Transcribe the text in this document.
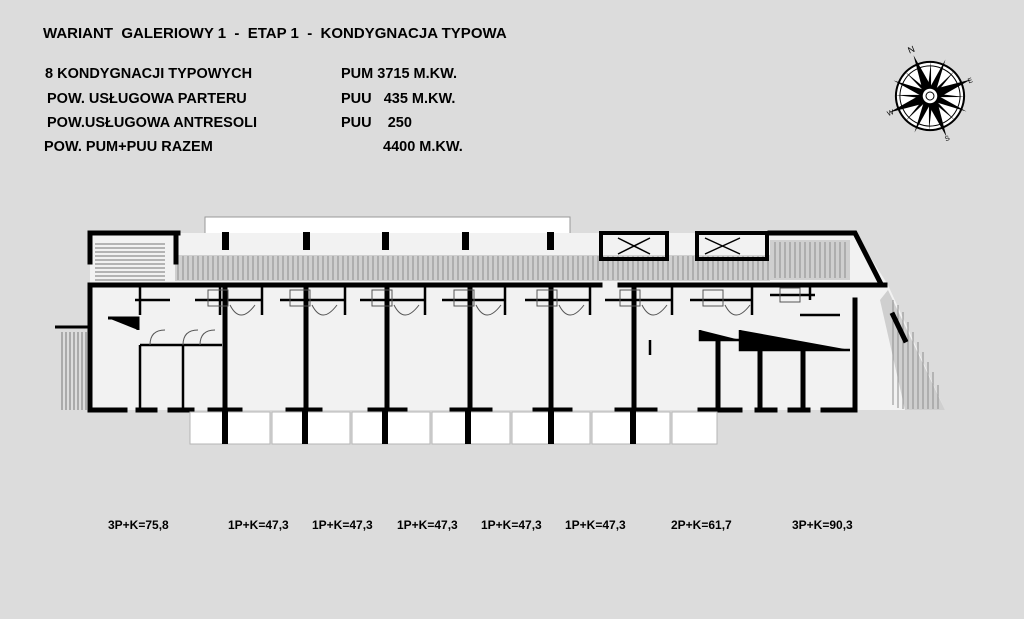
WARIANT  GALERIOWY 1  -  ETAP 1  -  KONDYGNACJA TYPOWA
8 KONDYGNACJI TYPOWYCH	PUM 3715 M.KW.
POW. USŁUGOWA PARTERU	PUU   435 M.KW.
POW.USŁUGOWA ANTRESOLI	PUU    250
POW. PUM+PUU RAZEM	4400 M.KW.
N
E
S
W
3P+K=75,8	1P+K=47,3 1P+K=47,3 1P+K=47,3 1P+K=47,3 1P+K=47,3	2P+K=61,7	3P+K=90,3
